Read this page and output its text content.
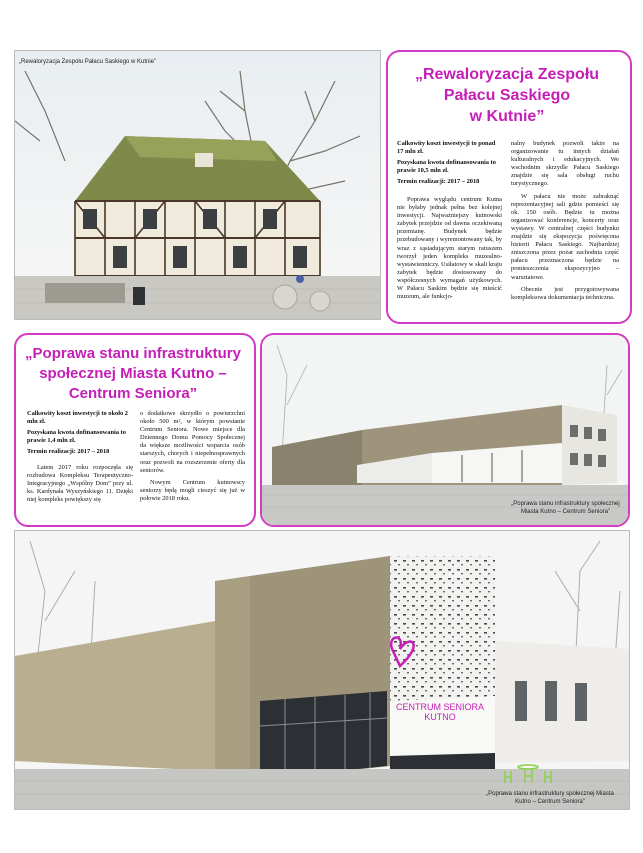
„Rewaloryzacja Zespołu Pałacu Saskiego w Kutnie”
„Rewaloryzacja Zespołu
Pałacu Saskiego
w Kutnie”

Całkowity koszt inwestycji to ponad 17 mln zł.

Pozyskana kwota dofinansowania to prawie 10,5 mln zł.

Termin realizacji: 2017 – 2018

Poprawa wyglądu centrum Kutna nie byłaby jednak pełna bez kolejnej inwestycji. Najważniejszy kutnowski zabytek przejdzie od dawna oczekiwaną przemianę. Budynek będzie przebudowany i wyremontowany tak, by wraz z sąsiadującym starym ratuszem tworzył jeden kompleks muzealno-wystawienniczy. Usiłatowy w skali kraju zabytek będzie dostosowany do współczesnych wymagań użytkowych. W Pałacu Saskim będzie się mieścić muzeum, ale funkcjo-

nalny budynek pozwoli także na organizowanie tu innych działań kulturalnych i edukacyjnych. We wschodnim skrzydle Pałacu Saskiego znajdzie się sala obsługi ruchu turystycznego.

W pałacu nie może zabraknąć reprezentacyjnej sali gdzie pomieści się ok. 150 osób. Będzie tu można organizować konferencje, koncerty oraz wystawy. W centralnej części budynku znajdzie się ekspozycja poświęcona historii Pałacu Saskiego. Najbardziej zniszczona przez pożar zachodnia część pałacu przeznaczona będzie na pomieszczenia ekspozycyjno – warsztatowe.

Obecnie jest przygotowywana kompleksowa dokumentacja techniczna.

„Poprawa stanu infrastruktury
społecznej Miasta Kutno –
Centrum Seniora”

Całkowity koszt inwestycji to około 2 mln zł.

Pozyskana kwota dofinansowania to prawie 1,4 mln zł.

Termin realizacji: 2017 – 2018

Latem 2017 roku rozpoczęła się rozbudowa Kompleksu Terapeutyczno-Integracyjnego „Wspólny Dom” przy ul. ks. Kardynała Wyszyńskiego 11. Dzięki niej kompleks powiększy się

o dodatkowe skrzydło o powierzchni około 500 m², w którym powstanie Centrum Seniora. Nowe miejsce dla Dziennego Domu Pomocy Społecznej da większe możliwości wsparcia osób starszych, chorych i niepełnosprawnych oraz pozwoli na rozszerzenie oferty dla seniorów.

Nowym Centrum kutnowscy seniorzy będą mogli cieszyć się już w połowie 2018 roku.

„Poprawa stanu infrastruktury społecznej Miasta Kutno – Centrum Seniora”
CENTRUM SENIORA
KUTNO
„Poprawa stanu infrastruktury społecznej Miasta Kutno – Centrum Seniora”
